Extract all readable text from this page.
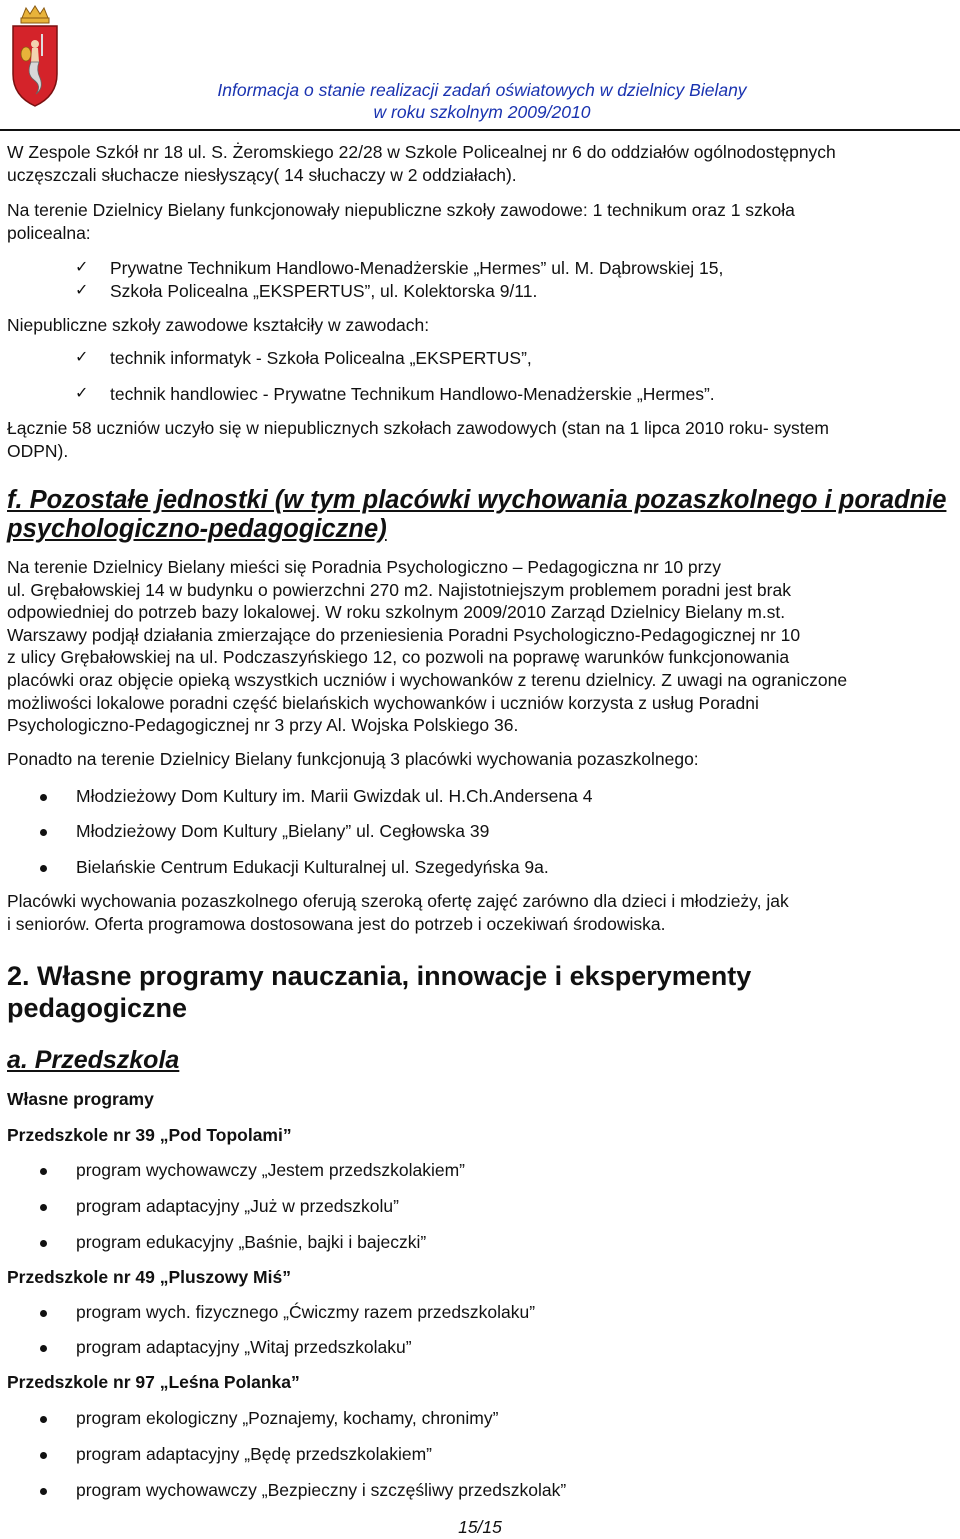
Informacja o stanie realizacji zadań oświatowych w dzielnicy Bielany
w roku szkolnym 2009/2010
W Zespole Szkół nr 18 ul. S. Żeromskiego 22/28 w Szkole Policealnej nr 6 do oddziałów ogólnodostępnych
uczęszczali słuchacze niesłyszący( 14 słuchaczy w 2 oddziałach).
Na terenie Dzielnicy Bielany funkcjonowały niepubliczne szkoły zawodowe: 1 technikum oraz 1 szkoła
policealna:
✓ Prywatne Technikum Handlowo-Menadżerskie „Hermes” ul. M. Dąbrowskiej 15,
✓ Szkoła Policealna „EKSPERTUS”, ul. Kolektorska 9/11.
Niepubliczne szkoły zawodowe kształciły w zawodach:
✓ technik informatyk - Szkoła Policealna „EKSPERTUS”,
✓ technik handlowiec - Prywatne Technikum Handlowo-Menadżerskie „Hermes”.
Łącznie 58 uczniów uczyło się w niepublicznych szkołach zawodowych (stan na 1 lipca 2010 roku- system
ODPN).
f. Pozostałe jednostki (w tym placówki wychowania pozaszkolnego i poradnie
psychologiczno-pedagogiczne)
Na terenie Dzielnicy Bielany mieści się Poradnia Psychologiczno – Pedagogiczna nr 10 przy
ul. Grębałowskiej 14 w budynku o powierzchni 270 m2. Najistotniejszym problemem poradni jest brak
odpowiedniej do potrzeb bazy lokalowej. W roku szkolnym 2009/2010 Zarząd Dzielnicy Bielany m.st.
Warszawy podjął działania zmierzające do przeniesienia Poradni Psychologiczno-Pedagogicznej nr 10
z ulicy Grębałowskiej na ul. Podczaszyńskiego 12, co pozwoli na poprawę warunków funkcjonowania
placówki oraz objęcie opieką wszystkich uczniów i wychowanków z terenu dzielnicy. Z uwagi na ograniczone
możliwości lokalowe poradni część bielańskich wychowanków i uczniów korzysta z usług Poradni
Psychologiczno-Pedagogicznej nr 3 przy Al. Wojska Polskiego 36.
Ponadto na terenie Dzielnicy Bielany funkcjonują 3 placówki wychowania pozaszkolnego:
Młodzieżowy Dom Kultury im. Marii Gwizdak ul. H.Ch.Andersena 4
Młodzieżowy Dom Kultury „Bielany” ul. Cegłowska 39
Bielańskie Centrum Edukacji Kulturalnej ul. Szegedyńska 9a.
Placówki wychowania pozaszkolnego oferują szeroką ofertę zajęć zarówno dla dzieci i młodzieży, jak
i seniorów. Oferta programowa dostosowana jest do potrzeb i oczekiwań środowiska.
2. Własne programy nauczania, innowacje i eksperymenty
pedagogiczne
a. Przedszkola
Własne programy
Przedszkole nr 39 „Pod Topolami”
program wychowawczy „Jestem przedszkolakiem”
program adaptacyjny „Już w przedszkolu”
program edukacyjny „Baśnie, bajki i bajeczki”
Przedszkole nr 49 „Pluszowy Miś”
program wych. fizycznego „Ćwiczmy razem przedszkolaku”
program adaptacyjny „Witaj przedszkolaku”
Przedszkole nr 97 „Leśna Polanka”
program ekologiczny „Poznajemy, kochamy, chronimy”
program adaptacyjny „Będę przedszkolakiem”
program wychowawczy „Bezpieczny i szczęśliwy przedszkolak”
15/15
